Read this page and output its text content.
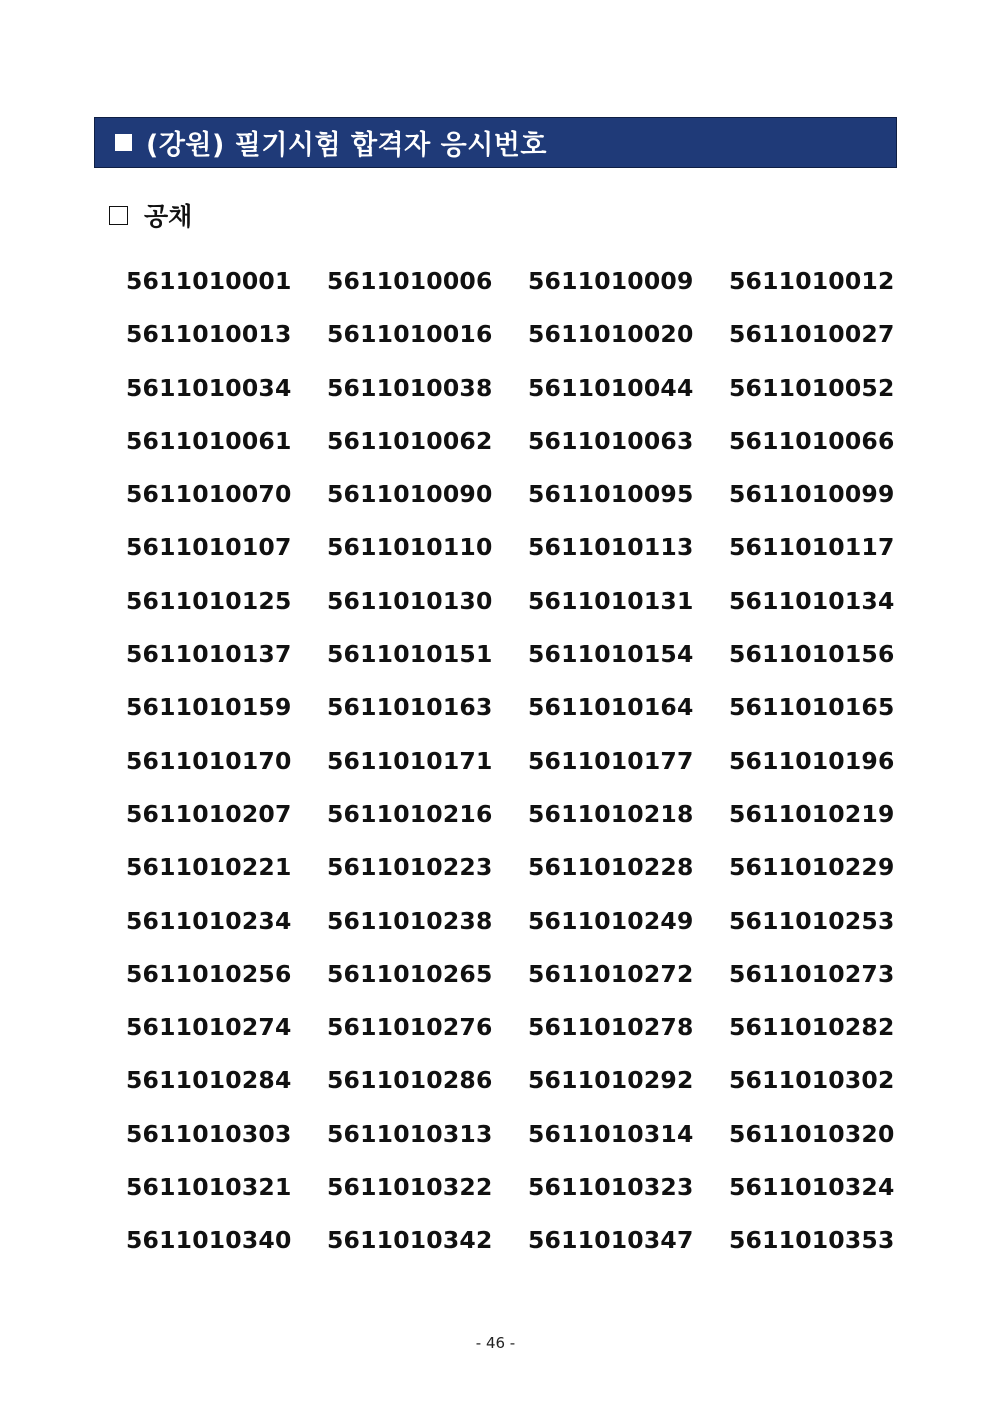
(강원) 필기시험 합격자 응시번호
공채
5611010001	5611010006	5611010009	5611010012
5611010013	5611010016	5611010020	5611010027
5611010034	5611010038	5611010044	5611010052
5611010061	5611010062	5611010063	5611010066
5611010070	5611010090	5611010095	5611010099
5611010107	5611010110	5611010113	5611010117
5611010125	5611010130	5611010131	5611010134
5611010137	5611010151	5611010154	5611010156
5611010159	5611010163	5611010164	5611010165
5611010170	5611010171	5611010177	5611010196
5611010207	5611010216	5611010218	5611010219
5611010221	5611010223	5611010228	5611010229
5611010234	5611010238	5611010249	5611010253
5611010256	5611010265	5611010272	5611010273
5611010274	5611010276	5611010278	5611010282
5611010284	5611010286	5611010292	5611010302
5611010303	5611010313	5611010314	5611010320
5611010321	5611010322	5611010323	5611010324
5611010340	5611010342	5611010347	5611010353
- 46 -
